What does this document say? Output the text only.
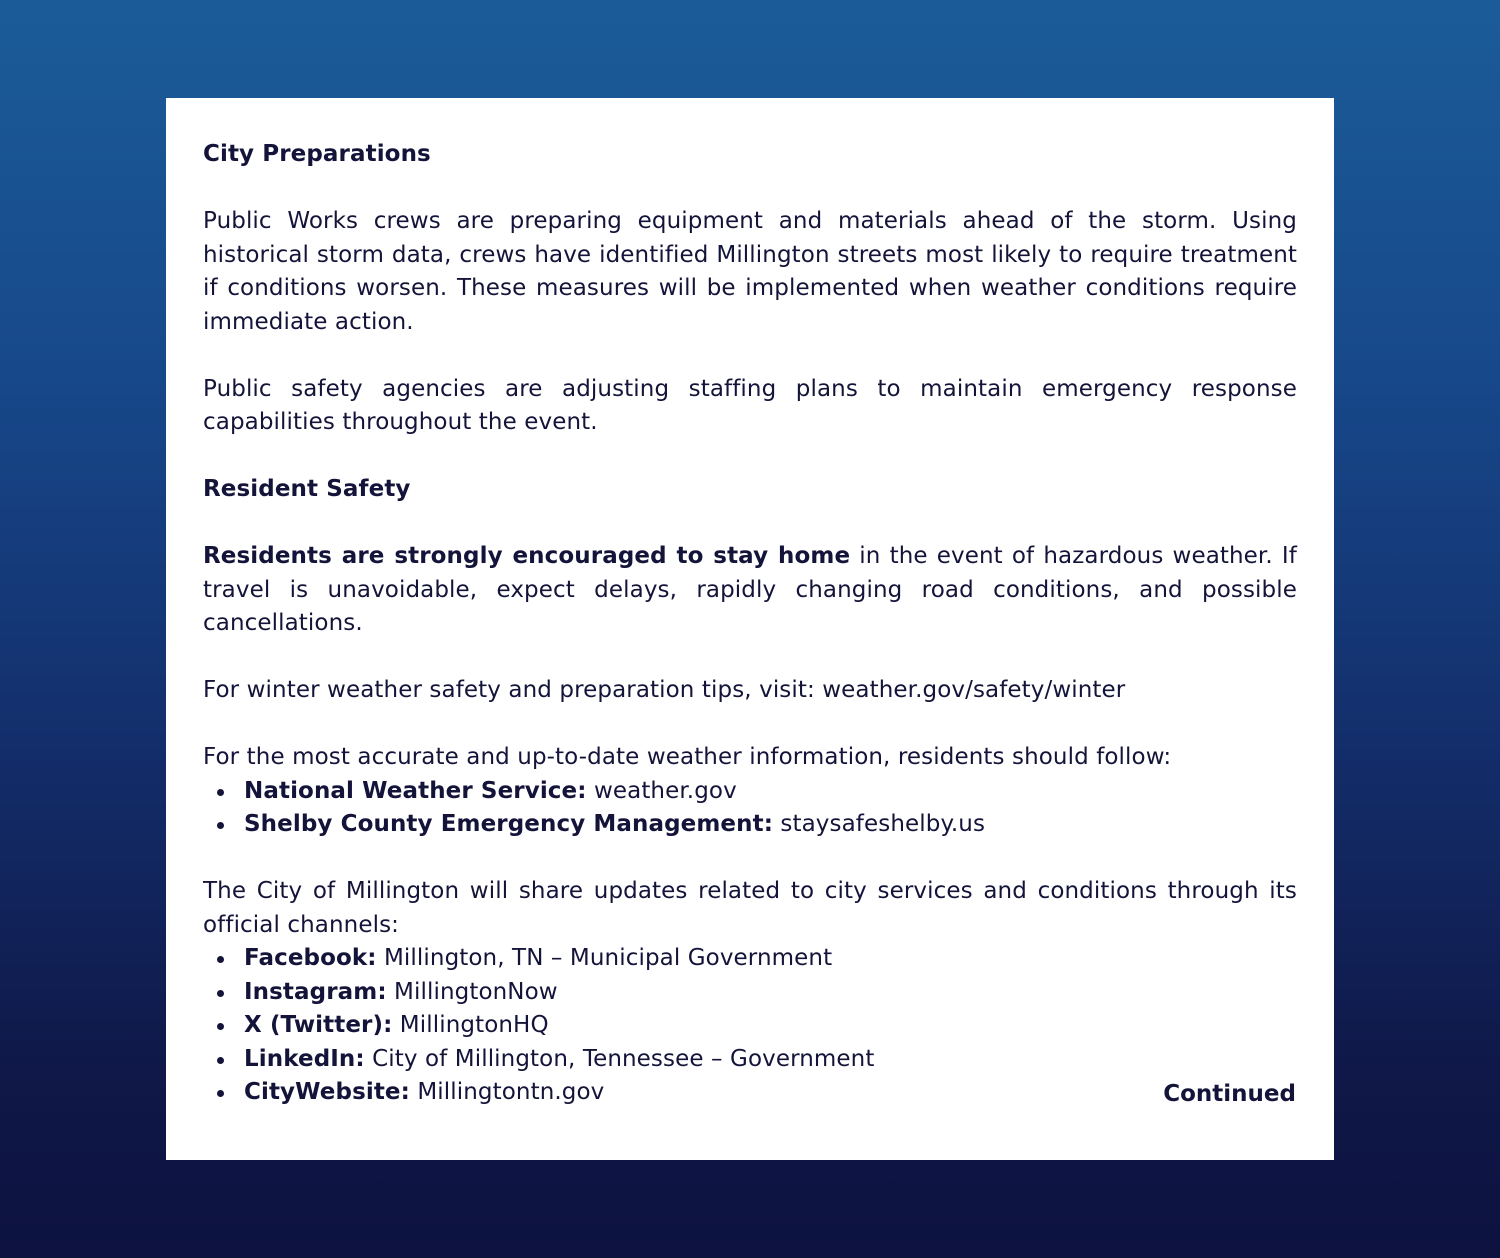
City Preparations

Public Works crews are preparing equipment and materials ahead of the storm. Using historical storm data, crews have identified Millington streets most likely to require treatment if conditions worsen. These measures will be implemented when weather conditions require immediate action.

Public safety agencies are adjusting staffing plans to maintain emergency response capabilities throughout the event.

Resident Safety

Residents are strongly encouraged to stay home in the event of hazardous weather. If travel is unavoidable, expect delays, rapidly changing road conditions, and possible cancellations.

For winter weather safety and preparation tips, visit: weather.gov/safety/winter

For the most accurate and up-to-date weather information, residents should follow:

National Weather Service: weather.gov
Shelby County Emergency Management: staysafeshelby.us

The City of Millington will share updates related to city services and conditions through its official channels:

Facebook: Millington, TN – Municipal Government
Instagram: MillingtonNow
X (Twitter): MillingtonHQ
LinkedIn: City of Millington, Tennessee – Government
CityWebsite: Millingtontn.gov	Continued
